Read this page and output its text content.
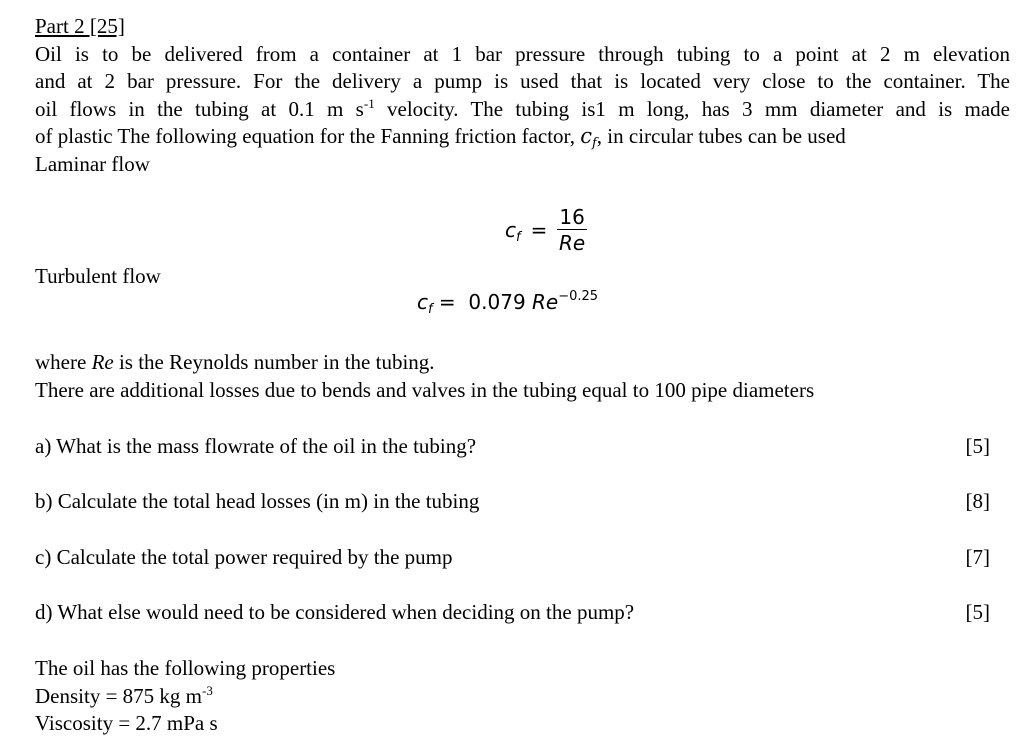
Part 2 [25]
Oil is to be delivered from a container at 1 bar pressure through tubing to a point at 2 m elevation
and at 2 bar pressure. For the delivery a pump is used that is located very close to the container. The
oil flows in the tubing at 0.1 m $s^{-1}$ velocity. The tubing is1 m long, has 3 mm diameter and is made
of plastic The following equation for the Fanning friction factor, $c_f$, in circular tubes can be used
Laminar flow
$c_f = \frac{16}{Re}$
Turbulent flow
$c_f = 0.079$ $Re^{-0.25}$
where Re is the Reynolds number in the tubing.
There are additional losses due to bends and valves in the tubing equal to 100 pipe diameters
a) What is the mass flowrate of the oil in the tubing?	[5]
b) Calculate the total head losses (in m) in the tubing	[8]
c) Calculate the total power required by the pump	[7]
d) What else would need to be considered when deciding on the pump?	[5]
The oil has the following properties
Density = 875 kg $m^{-3}$
Viscosity = 2.7 mPa s
